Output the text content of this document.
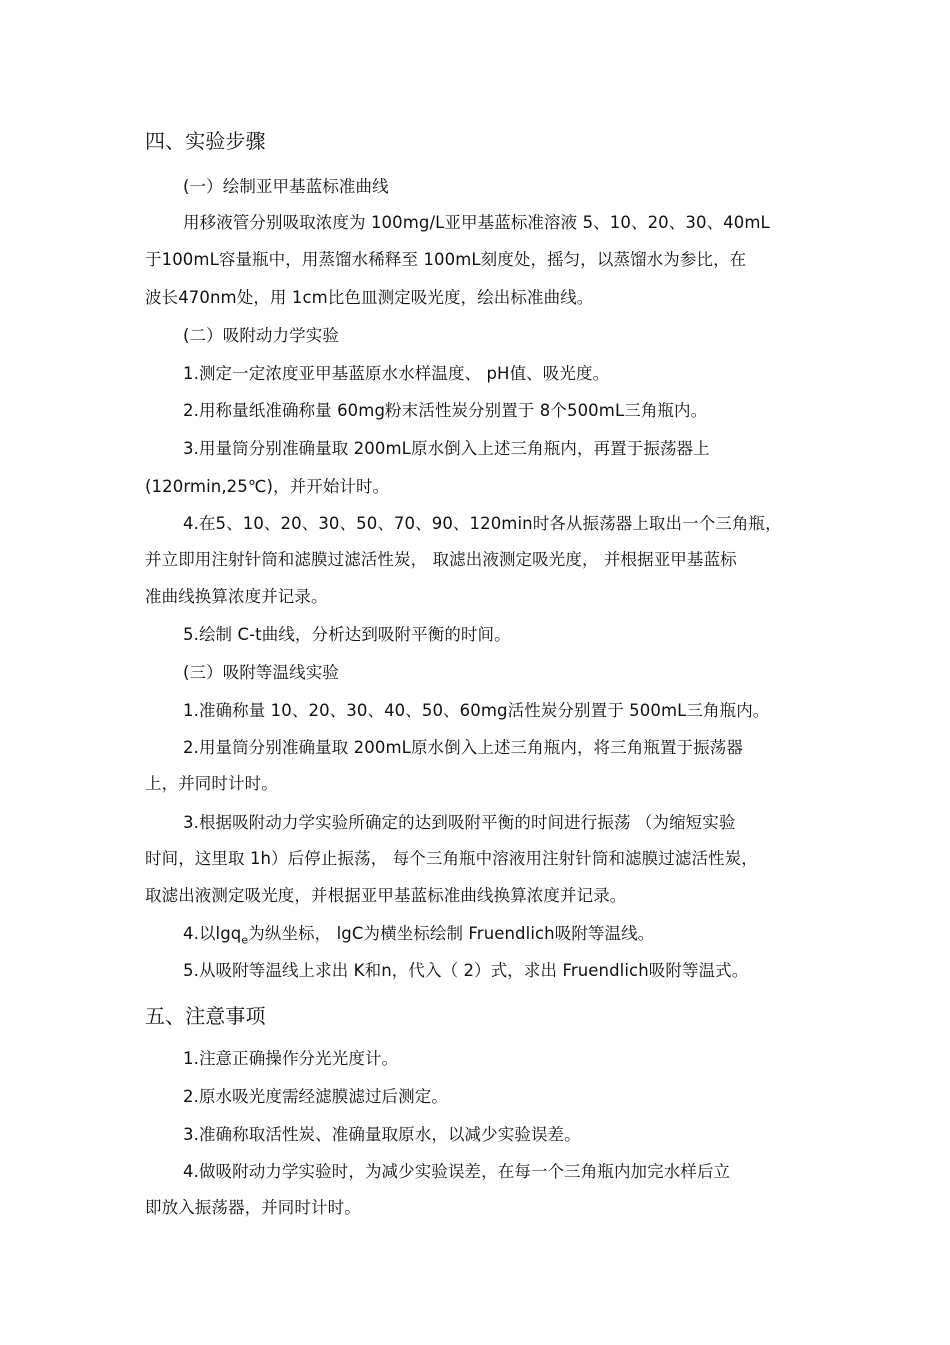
四、实验步骤
(一）绘制亚甲基蓝标准曲线
用移液管分别吸取浓度为 100mg/L亚甲基蓝标准溶液 5、10、20、30、40mL
于100mL容量瓶中，用蒸馏水稀释至 100mL刻度处，摇匀，以蒸馏水为参比，在
波长470nm处，用 1cm比色皿测定吸光度，绘出标准曲线。
(二）吸附动力学实验
1.测定一定浓度亚甲基蓝原水水样温度、 pH值、吸光度。
2.用称量纸准确称量 60mg粉末活性炭分别置于 8个500mL三角瓶内。
3.用量筒分别准确量取 200mL原水倒入上述三角瓶内，再置于振荡器上
(120rmin,25℃)，并开始计时。
4.在5、10、20、30、50、70、90、120min时各从振荡器上取出一个三角瓶，
并立即用注射针筒和滤膜过滤活性炭， 取滤出液测定吸光度， 并根据亚甲基蓝标
准曲线换算浓度并记录。
5.绘制 C-t曲线，分析达到吸附平衡的时间。
(三）吸附等温线实验
1.准确称量 10、20、30、40、50、60mg活性炭分别置于 500mL三角瓶内。
2.用量筒分别准确量取 200mL原水倒入上述三角瓶内，将三角瓶置于振荡器
上，并同时计时。
3.根据吸附动力学实验所确定的达到吸附平衡的时间进行振荡 （为缩短实验
时间，这里取 1h）后停止振荡， 每个三角瓶中溶液用注射针筒和滤膜过滤活性炭，
取滤出液测定吸光度，并根据亚甲基蓝标准曲线换算浓度并记录。
4.以lgq$_e$为纵坐标， lgC为横坐标绘制 Fruendlich吸附等温线。
5.从吸附等温线上求出 K和n，代入（ 2）式，求出 Fruendlich吸附等温式。
五、注意事项
1.注意正确操作分光光度计。
2.原水吸光度需经滤膜滤过后测定。
3.准确称取活性炭、准确量取原水，以减少实验误差。
4.做吸附动力学实验时，为减少实验误差，在每一个三角瓶内加完水样后立
即放入振荡器，并同时计时。
